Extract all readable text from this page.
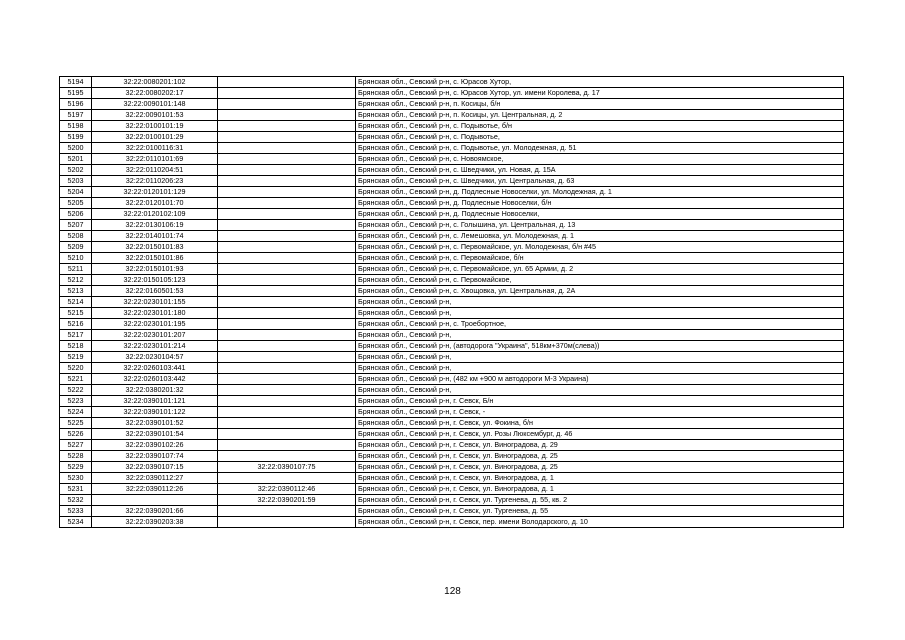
5194	32:22:0080201:102		Брянская обл., Севский р-н, с. Юрасов Хутор,
5195	32:22:0080202:17		Брянская обл., Севский р-н, с. Юрасов Хутор, ул. имени Королева, д. 17
5196	32:22:0090101:148		Брянская обл., Севский р-н, п. Косицы, б/н
5197	32:22:0090101:53		Брянская обл., Севский р-н, п. Косицы, ул. Центральная, д. 2
5198	32:22:0100101:19		Брянская обл., Севский р-н, с. Подывотье, б/н
5199	32:22:0100101:29		Брянская обл., Севский р-н, с. Подывотье,
5200	32:22:0100116:31		Брянская обл., Севский р-н, с. Подывотье, ул. Молодежная, д. 51
5201	32:22:0110101:69		Брянская обл., Севский р-н, с. Новоямское,
5202	32:22:0110204:51		Брянская обл., Севский р-н, с. Шведчики, ул. Новая, д. 15А
5203	32:22:0110206:23		Брянская обл., Севский р-н, с. Шведчики, ул. Центральная, д. 63
5204	32:22:0120101:129		Брянская обл., Севский р-н, д. Подлесные Новоселки, ул. Молодежная, д. 1
5205	32:22:0120101:70		Брянская обл., Севский р-н, д. Подлесные Новоселки, б/н
5206	32:22:0120102:109		Брянская обл., Севский р-н, д. Подлесные Новоселки,
5207	32:22:0130106:19		Брянская обл., Севский р-н, с. Голышина, ул. Центральная, д. 13
5208	32:22:0140101:74		Брянская обл., Севский р-н, с. Лемешовка, ул. Молодежная, д. 1
5209	32:22:0150101:83		Брянская обл., Севский р-н, с. Первомайское, ул. Молодежная, б/н #45
5210	32:22:0150101:86		Брянская обл., Севский р-н, с. Первомайское, б/н
5211	32:22:0150101:93		Брянская обл., Севский р-н, с. Первомайское, ул. 65 Армии, д. 2
5212	32:22:0150105:123		Брянская обл., Севский р-н, с. Первомайское,
5213	32:22:0160501:53		Брянская обл., Севский р-н, с. Хвощовка, ул. Центральная, д. 2А
5214	32:22:0230101:155		Брянская обл., Севский р-н,
5215	32:22:0230101:180		Брянская обл., Севский р-н,
5216	32:22:0230101:195		Брянская обл., Севский р-н, с. Троебортное,
5217	32:22:0230101:207		Брянская обл., Севский р-н,
5218	32:22:0230101:214		Брянская обл., Севский р-н, (автодорога "Украина", 518км+370м(слева))
5219	32:22:0230104:57		Брянская обл., Севский р-н,
5220	32:22:0260103:441		Брянская обл., Севский р-н,
5221	32:22:0260103:442		Брянская обл., Севский р-н, (482 км +900 м автодороги М-3 Украина)
5222	32:22:0380201:32		Брянская обл., Севский р-н,
5223	32:22:0390101:121		Брянская обл., Севский р-н, г. Севск, Б/н
5224	32:22:0390101:122		Брянская обл., Севский р-н, г. Севск, -
5225	32:22:0390101:52		Брянская обл., Севский р-н, г. Севск, ул. Фокина, б/н
5226	32:22:0390101:54		Брянская обл., Севский р-н, г. Севск, ул. Розы Люксембург, д. 46
5227	32:22:0390102:26		Брянская обл., Севский р-н, г. Севск, ул. Виноградова, д. 29
5228	32:22:0390107:74		Брянская обл., Севский р-н, г. Севск, ул. Виноградова, д. 25
5229	32:22:0390107:15	32:22:0390107:75	Брянская обл., Севский р-н, г. Севск, ул. Виноградова, д. 25
5230	32:22:0390112:27		Брянская обл., Севский р-н, г. Севск, ул. Виноградова, д. 1
5231	32:22:0390112:26	32:22:0390112:46	Брянская обл., Севский р-н, г. Севск, ул. Виноградова, д. 1
5232		32:22:0390201:59	Брянская обл., Севский р-н, г. Севск, ул. Тургенева, д. 55, кв. 2
5233	32:22:0390201:66		Брянская обл., Севский р-н, г. Севск, ул. Тургенева, д. 55
5234	32:22:0390203:38		Брянская обл., Севский р-н, г. Севск, пер. имени Володарского, д. 10
128
